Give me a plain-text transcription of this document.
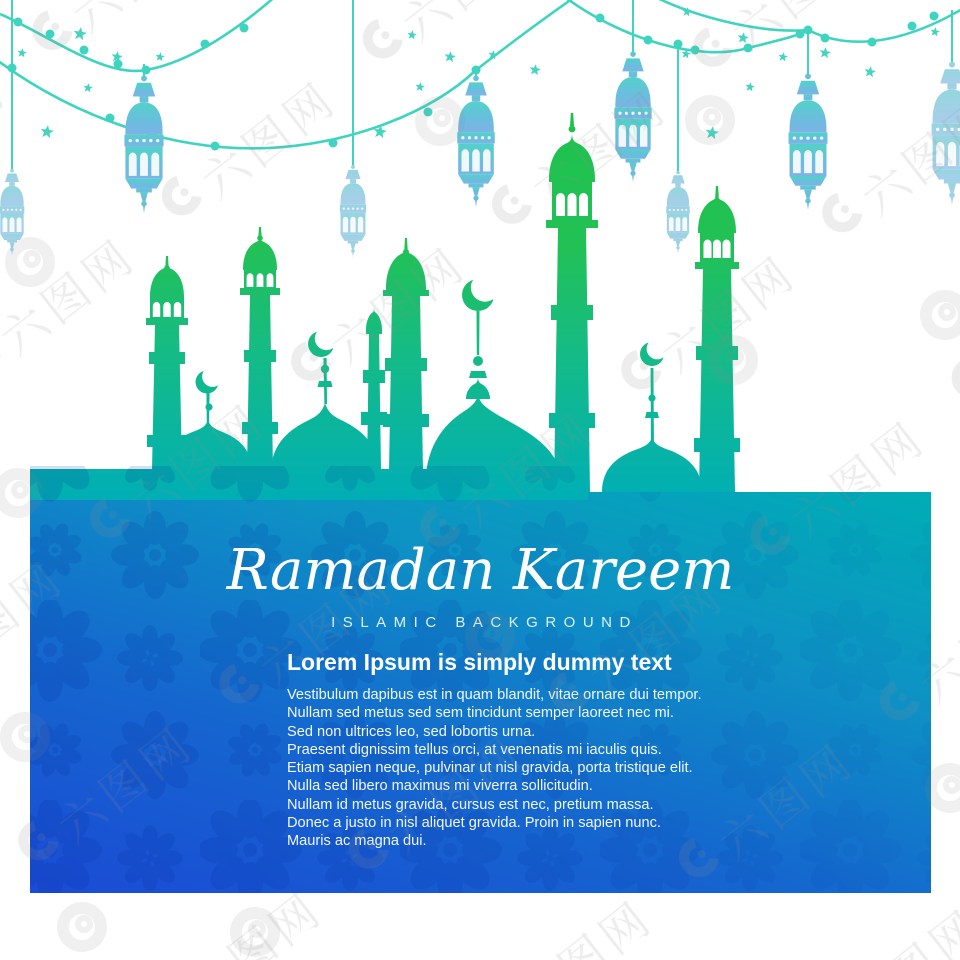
Ramadan Kareem
ISLAMIC BACKGROUND
Lorem Ipsum is simply dummy text
Vestibulum dapibus est in quam blandit, vitae ornare dui tempor.
Nullam sed metus sed sem tincidunt semper laoreet nec mi.
Sed non ultrices leo, sed lobortis urna.
Praesent dignissim tellus orci, at venenatis mi iaculis quis.
Etiam sapien neque, pulvinar ut nisl gravida, porta tristique elit.
Nulla sed libero maximus mi viverra sollicitudin.
Nullam id metus gravida, cursus est nec, pretium massa.
Donec a justo in nisl aliquet gravida. Proin in sapien nunc.
Mauris ac magna dui.
